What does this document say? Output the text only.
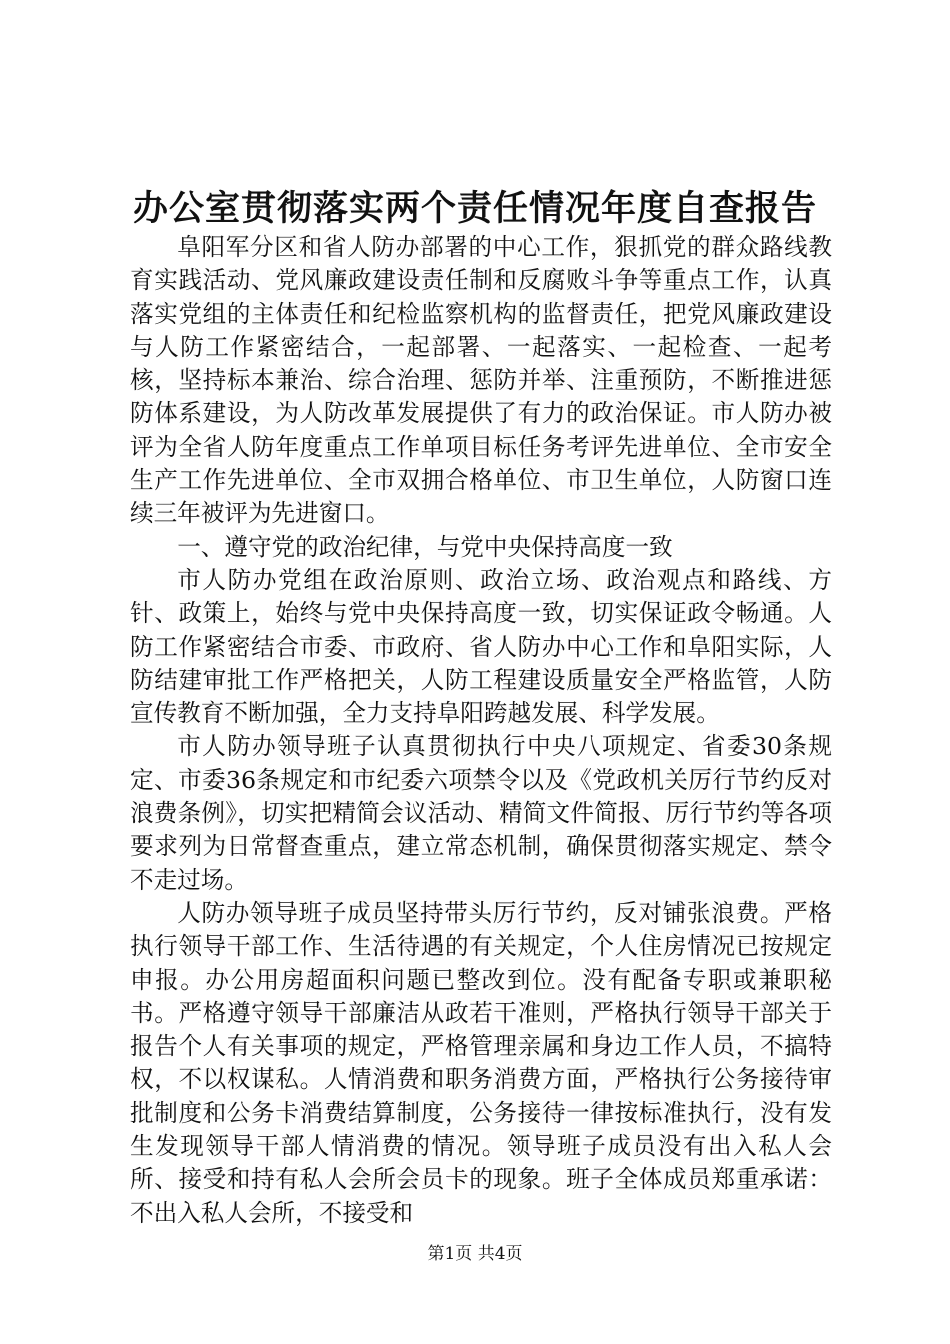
办公室贯彻落实两个责任情况年度自查报告

阜阳军分区和省人防办部署的中心工作，狠抓党的群众路线教育实践活动、党风廉政建设责任制和反腐败斗争等重点工作，认真落实党组的主体责任和纪检监察机构的监督责任，把党风廉政建设与人防工作紧密结合，一起部署、一起落实、一起检查、一起考核，坚持标本兼治、综合治理、惩防并举、注重预防，不断推进惩防体系建设，为人防改革发展提供了有力的政治保证。市人防办被评为全省人防年度重点工作单项目标任务考评先进单位、全市安全生产工作先进单位、全市双拥合格单位、市卫生单位，人防窗口连续三年被评为先进窗口。

一、遵守党的政治纪律，与党中央保持高度一致

市人防办党组在政治原则、政治立场、政治观点和路线、方针、政策上，始终与党中央保持高度一致，切实保证政令畅通。人防工作紧密结合市委、市政府、省人防办中心工作和阜阳实际，人防结建审批工作严格把关，人防工程建设质量安全严格监管，人防宣传教育不断加强，全力支持阜阳跨越发展、科学发展。

市人防办领导班子认真贯彻执行中央八项规定、省委30条规定、市委36条规定和市纪委六项禁令以及《党政机关厉行节约反对浪费条例》，切实把精简会议活动、精简文件简报、厉行节约等各项要求列为日常督查重点，建立常态机制，确保贯彻落实规定、禁令不走过场。

人防办领导班子成员坚持带头厉行节约，反对铺张浪费。严格执行领导干部工作、生活待遇的有关规定，个人住房情况已按规定申报。办公用房超面积问题已整改到位。没有配备专职或兼职秘书。严格遵守领导干部廉洁从政若干准则，严格执行领导干部关于报告个人有关事项的规定，严格管理亲属和身边工作人员，不搞特权，不以权谋私。人情消费和职务消费方面，严格执行公务接待审批制度和公务卡消费结算制度，公务接待一律按标准执行，没有发生发现领导干部人情消费的情况。领导班子成员没有出入私人会所、接受和持有私人会所会员卡的现象。班子全体成员郑重承诺：不出入私人会所，不接受和

第1页 共4页
